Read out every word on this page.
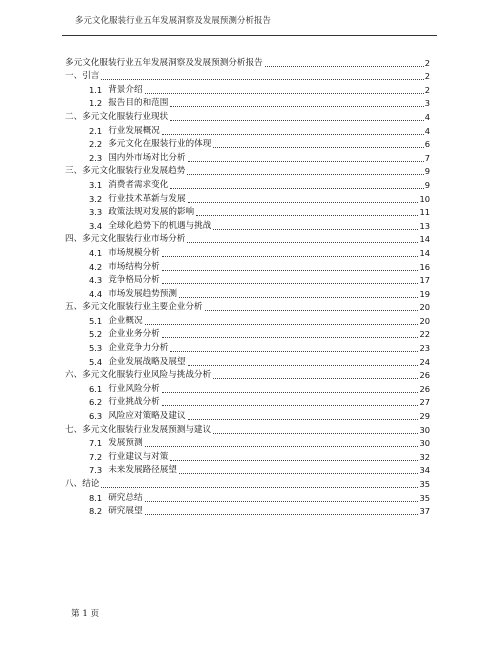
多元文化服装行业五年发展洞察及发展预测分析报告
多元文化服装行业五年发展洞察及发展预测分析报告	2
一、引言	2
1.1 背景介绍	2
1.2 报告目的和范围	3
二、多元文化服装行业现状	4
2.1 行业发展概况	4
2.2 多元文化在服装行业的体现	6
2.3 国内外市场对比分析	7
三、多元文化服装行业发展趋势	9
3.1 消费者需求变化	9
3.2 行业技术革新与发展	10
3.3 政策法规对发展的影响	11
3.4 全球化趋势下的机遇与挑战	13
四、多元文化服装行业市场分析	14
4.1 市场规模分析	14
4.2 市场结构分析	16
4.3 竞争格局分析	17
4.4 市场发展趋势预测	19
五、多元文化服装行业主要企业分析	20
5.1 企业概况	20
5.2 企业业务分析	22
5.3 企业竞争力分析	23
5.4 企业发展战略及展望	24
六、多元文化服装行业风险与挑战分析	26
6.1 行业风险分析	26
6.2 行业挑战分析	27
6.3 风险应对策略及建议	29
七、多元文化服装行业发展预测与建议	30
7.1 发展预测	30
7.2 行业建议与对策	32
7.3 未来发展路径展望	34
八、结论	35
8.1 研究总结	35
8.2 研究展望	37
第 1 页
